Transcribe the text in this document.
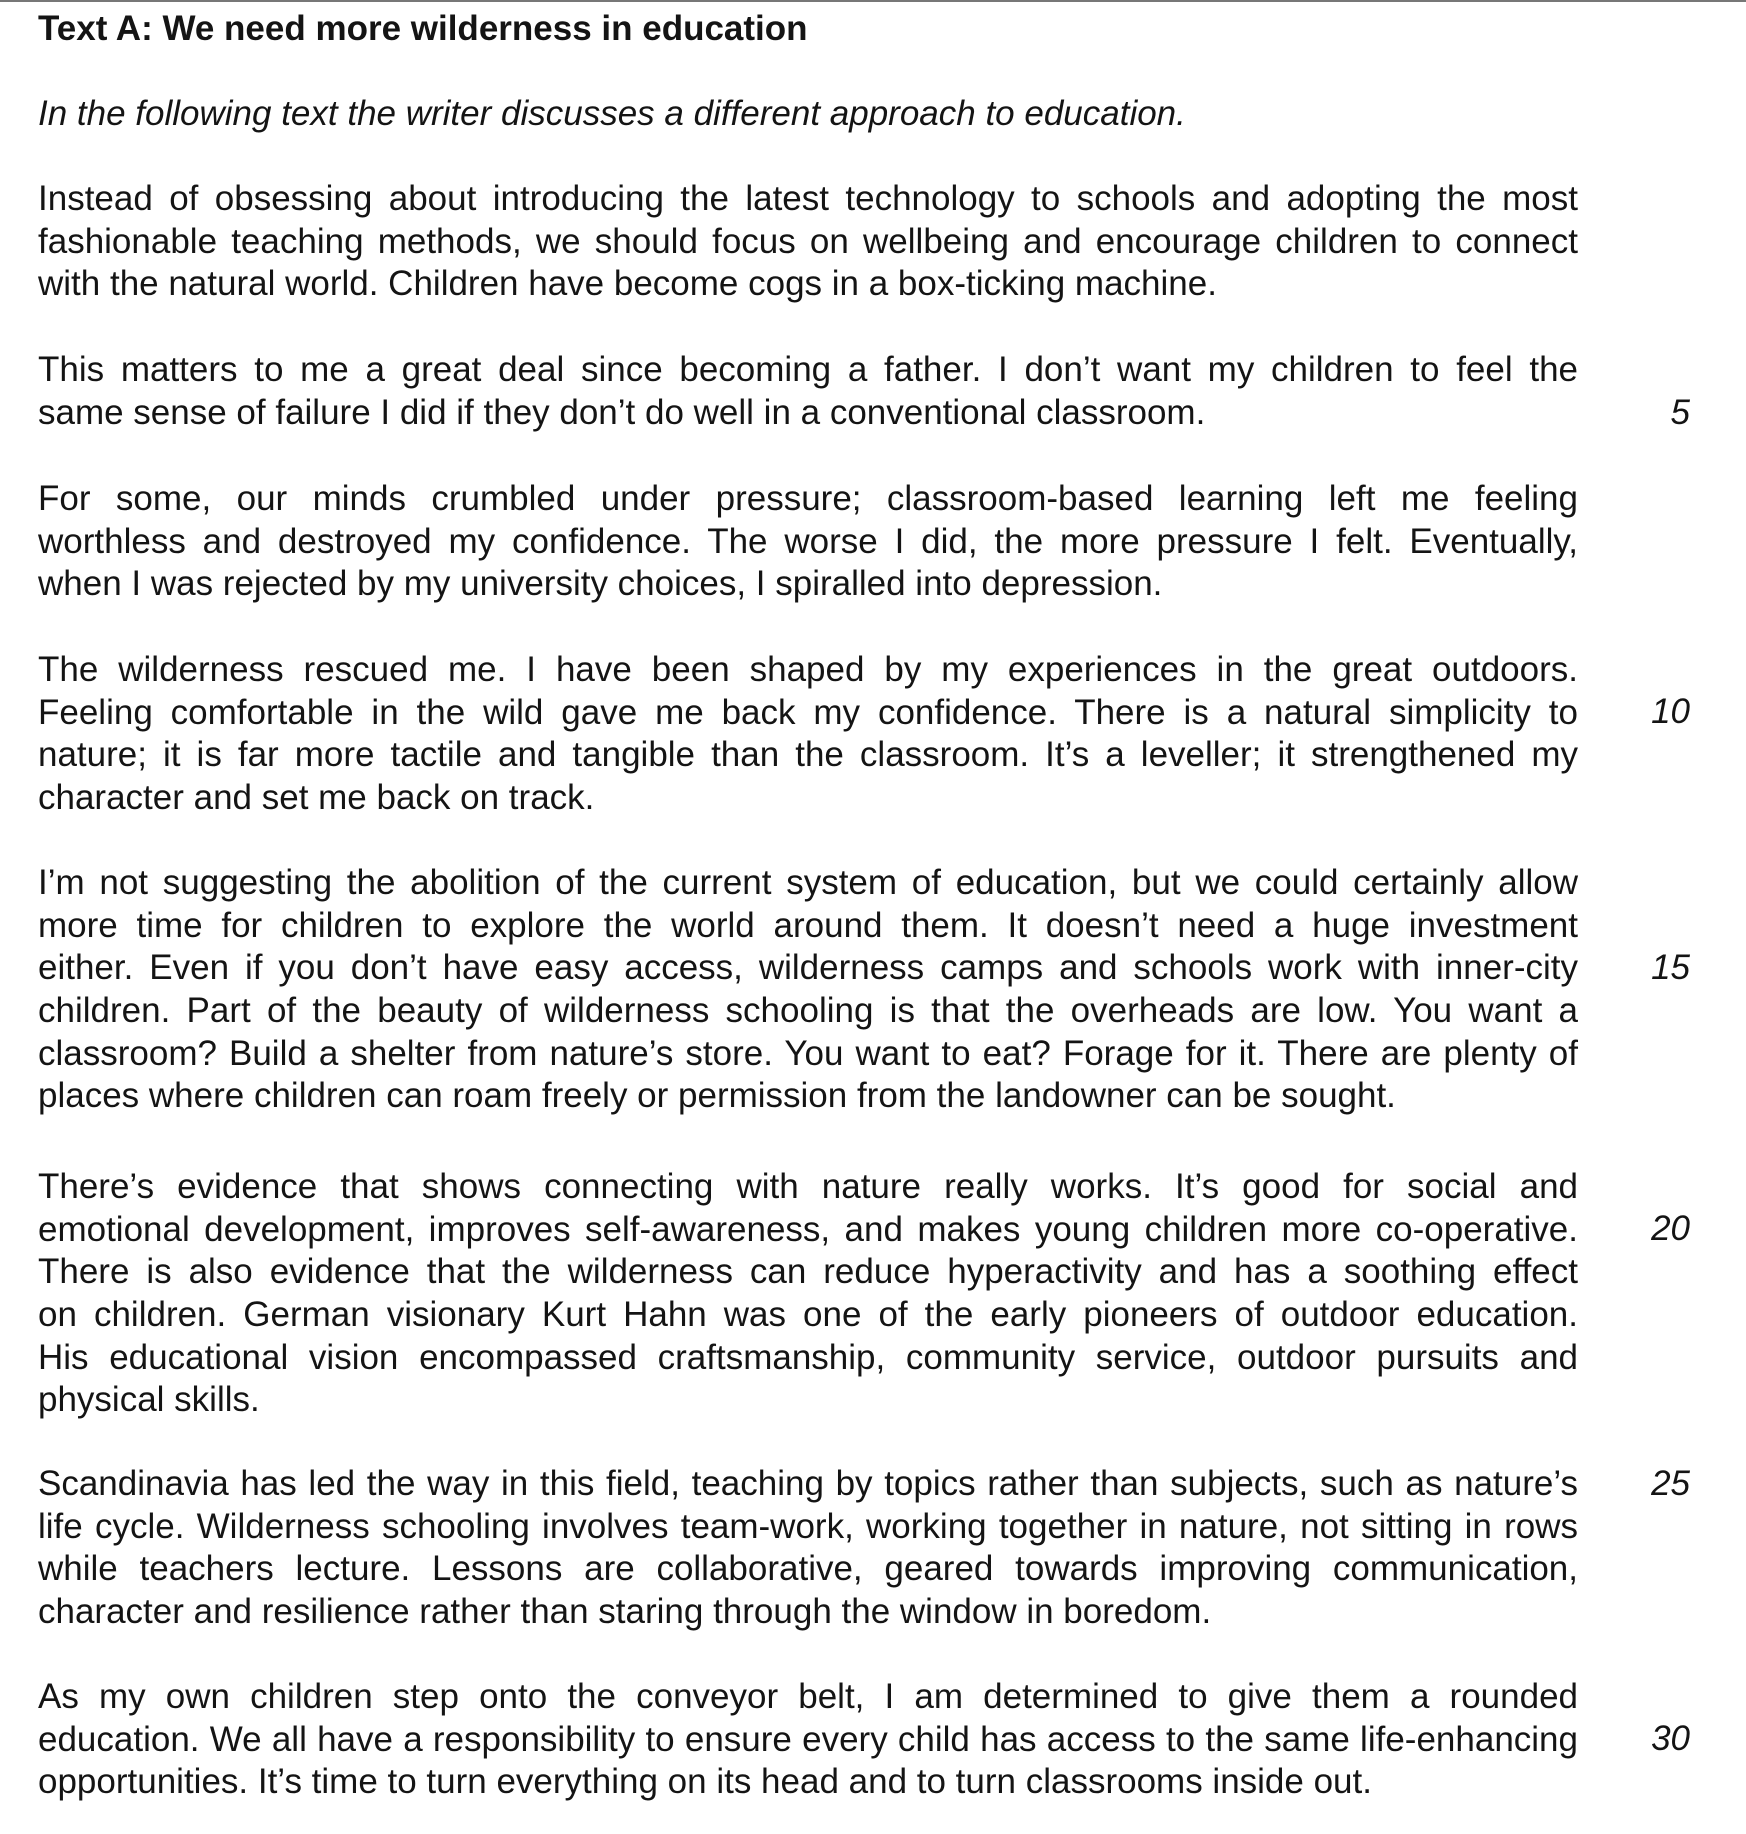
Text A: We need more wilderness in education
In the following text the writer discusses a different approach to education.
Instead of obsessing about introducing the latest technology to schools and adopting the most
fashionable teaching methods, we should focus on wellbeing and encourage children to connect
with the natural world. Children have become cogs in a box-ticking machine.
This matters to me a great deal since becoming a father. I don’t want my children to feel the
same sense of failure I did if they don’t do well in a conventional classroom.
For some, our minds crumbled under pressure; classroom-based learning left me feeling
worthless and destroyed my confidence. The worse I did, the more pressure I felt. Eventually,
when I was rejected by my university choices, I spiralled into depression.
The wilderness rescued me. I have been shaped by my experiences in the great outdoors.
Feeling comfortable in the wild gave me back my confidence. There is a natural simplicity to
nature; it is far more tactile and tangible than the classroom. It’s a leveller; it strengthened my
character and set me back on track.
I’m not suggesting the abolition of the current system of education, but we could certainly allow
more time for children to explore the world around them. It doesn’t need a huge investment
either. Even if you don’t have easy access, wilderness camps and schools work with inner-city
children. Part of the beauty of wilderness schooling is that the overheads are low. You want a
classroom? Build a shelter from nature’s store. You want to eat? Forage for it. There are plenty of
places where children can roam freely or permission from the landowner can be sought.
There’s evidence that shows connecting with nature really works. It’s good for social and
emotional development, improves self-awareness, and makes young children more co-operative.
There is also evidence that the wilderness can reduce hyperactivity and has a soothing effect
on children. German visionary Kurt Hahn was one of the early pioneers of outdoor education.
His educational vision encompassed craftsmanship, community service, outdoor pursuits and
physical skills.
Scandinavia has led the way in this field, teaching by topics rather than subjects, such as nature’s
life cycle. Wilderness schooling involves team-work, working together in nature, not sitting in rows
while teachers lecture. Lessons are collaborative, geared towards improving communication,
character and resilience rather than staring through the window in boredom.
As my own children step onto the conveyor belt, I am determined to give them a rounded
education. We all have a responsibility to ensure every child has access to the same life-enhancing
opportunities. It’s time to turn everything on its head and to turn classrooms inside out.
5
10
15
20
25
30
